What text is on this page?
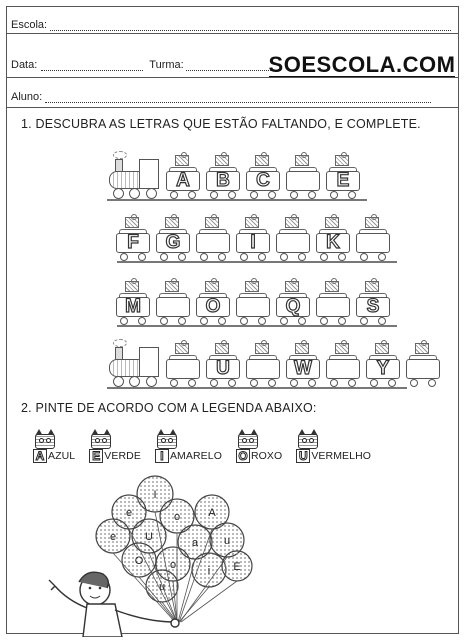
Escola:
Data:	Turma:	SOESCOLA.COM
Aluno:
1. DESCUBRA AS LETRAS QUE ESTÃO FALTANDO, E COMPLETE.
A	B	C	E
F	G	I	K
M	O	Q	S
U	W	Y
2. PINTE DE ACORDO COM A LEGENDA ABAIXO:
A AZUL E VERDE	I AMARELO O ROXO U VERMELHO
I
e	o	A
e	U	a u
O o	i E
u
